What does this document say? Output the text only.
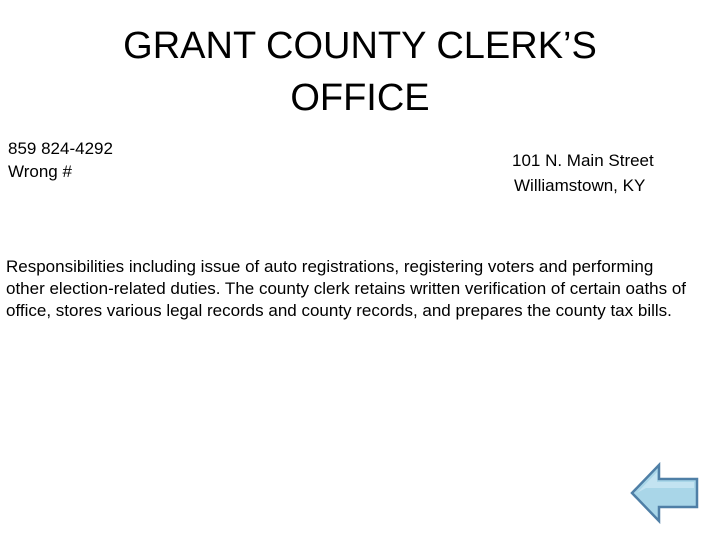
GRANT COUNTY CLERK’S
OFFICE
859 824-4292
Wrong #
101 N. Main Street
Williamstown, KY

Responsibilities including issue of auto registrations, registering voters and performing other election-related duties. The county clerk retains written verification of certain oaths of office, stores various legal records and county records, and prepares the county tax bills.
